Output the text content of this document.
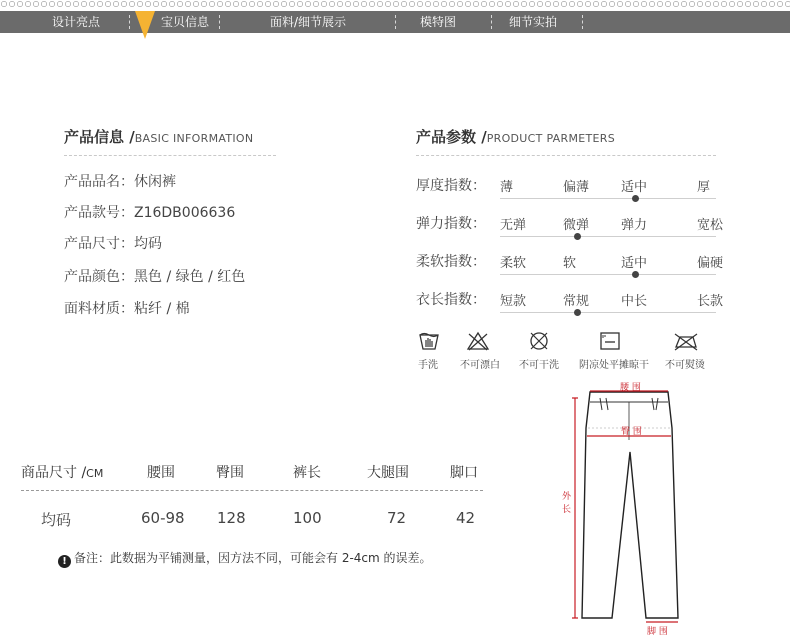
设计亮点	宝贝信息	面料/细节展示	模特图	细节实拍
产品信息 /BASIC INFORMATION
产品品名：休闲裤
产品款号：Z16DB006636
产品尺寸：均码
产品颜色：黑色 / 绿色 / 红色
面料材质：粘纤 / 棉
产品参数 /PRODUCT PARMETERS
厚度指数： 薄	偏薄 适中	厚
弹力指数： 无弹	微弹 弹力	宽松
柔软指数： 柔软	软	适中	偏硬
衣长指数： 短款	常规 中长	长款
手洗 不可漂白 不可干洗 阴凉处平摊晾干 不可熨烫
商品尺寸 /CM	腰围	臀围	裤长	大腿围	脚口
均码	60-98 128	100	72	42
! 备注：此数据为平铺测量，因方法不同，可能会有 2-4cm 的误差。
腰 围
臀 围
外
长
脚 围
